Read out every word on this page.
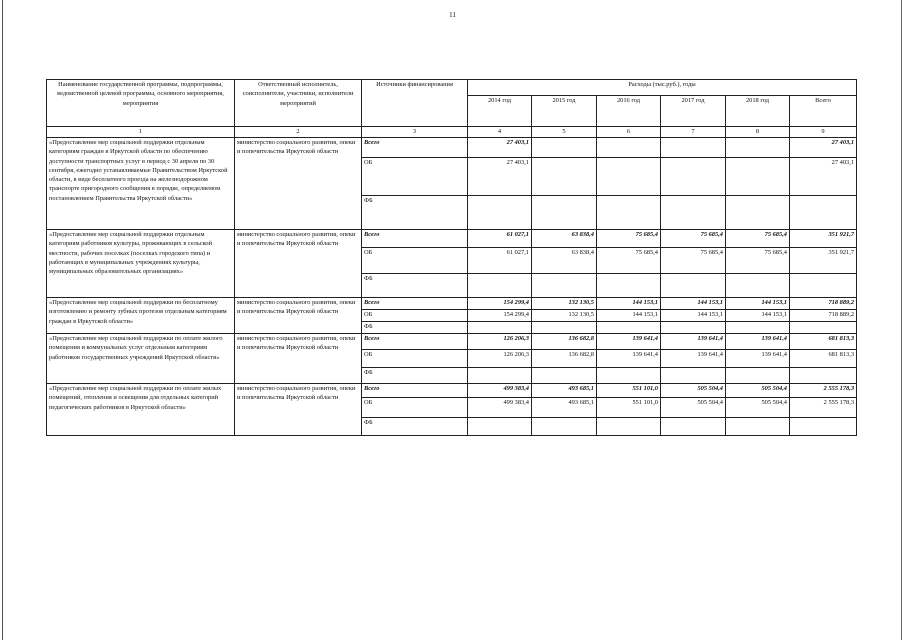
11
Наименование государственной программы, подпрограммы, ведомственной целевой программы, основного мероприятия, мероприятия	Ответственный исполнитель, соисполнители, участники, исполнители мероприятий	Источники финансирования	Расходы (тыс.руб.), годы					
			2014 год	2015 год	2016 год	2017 год	2018 год	Всего
1	2	3	4	5	6	7	8	9
«Предоставление мер социальной поддержки отдельным категориям граждан в Иркутской области по обеспечению доступности транспортных услуг в период с 30 апреля по 30 сентября, ежегодно устанавливаемые Правительством Иркутской области, в виде бесплатного проезда на железнодорожном транспорте пригородного сообщения в порядке, определяемом постановлением Правительства Иркутской области»	министерство социального развития, опеки и попечительства Иркутской области	Всего	27 403,1					27 403,1
		ОБ	27 403,1					27 403,1
		ФБ						
«Предоставление мер социальной поддержки отдельным категориям работников культуры, проживающих в сельской местности, рабочих поселках (поселках городского типа) и работающих в муниципальных учреждениях культуры, муниципальных образовательных организациях»	министерство социального развития, опеки и попечительства Иркутской области	Всего	61 027,1	63 838,4	75 685,4	75 685,4	75 685,4	351 921,7
		ОБ	61 027,1	63 838,4	75 685,4	75 685,4	75 685,4	351 921,7
		ФБ						
«Предоставление мер социальной поддержки по бесплатному изготовлению и ремонту зубных протезов отдельным категориям граждан в Иркутской области»	министерство социального развития, опеки и попечительства Иркутской области	Всего	154 299,4	132 130,5	144 153,1	144 153,1	144 153,1	718 889,2
		ОБ	154 299,4	132 130,5	144 153,1	144 153,1	144 153,1	718 889,2
		ФБ						
«Предоставление мер социальной поддержки по оплате жилого помещения и коммунальных услуг отдельным категориям работников государственных учреждений Иркутской области»	министерство социального развития, опеки и попечительства Иркутской области	Всего	126 206,3	136 682,8	139 641,4	139 641,4	139 641,4	681 813,3
		ОБ	126 206,3	136 682,8	139 641,4	139 641,4	139 641,4	681 813,3
		ФБ						
«Предоставление мер социальной поддержки по оплате жилых помещений, отопления и освещения для отдельных категорий педагогических работников в Иркутской области»	министерство социального развития, опеки и попечительства Иркутской области	Всего	499 383,4	493 685,1	551 101,0	505 504,4	505 504,4	2 555 178,3
		ОБ	499 383,4	493 685,1	551 101,0	505 504,4	505 504,4	2 555 178,3
		ФБ						
